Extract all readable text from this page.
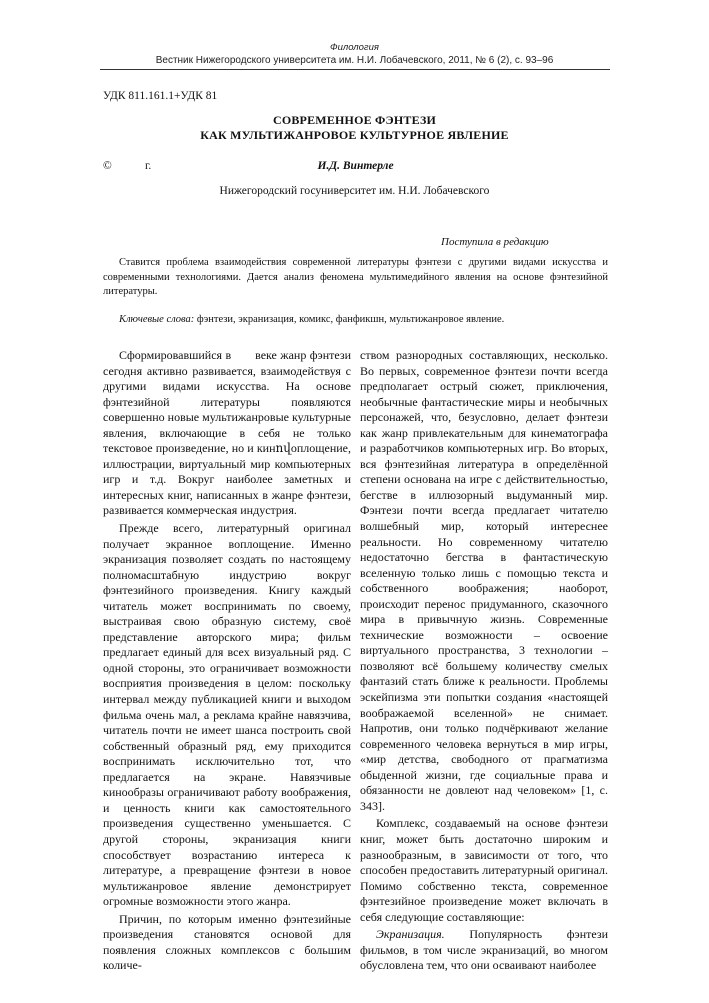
Филология
Вестник Нижегородского университета им. Н.И. Лобачевского, 2011, № 6 (2), с. 93–96
УДК 811.161.1+УДК 81
СОВРЕМЕННОЕ ФЭНТЕЗИ
КАК МУЛЬТИЖАНРОВОЕ КУЛЬТУРНОЕ ЯВЛЕНИЕ
©	г.	И.Д. Винтерле
Нижегородский госуниверситет им. Н.И. Лобачевского
Поступила в редакцию

Ставится проблема взаимодействия современной литературы фэнтези с другими видами искусства и современными технологиями. Дается анализ феномена мультимедийного явления на основе фэнтезийной литературы.

Ключевые слова: фэнтези, экранизация, комикс, фанфикшн, мультижанровое явление.

Сформировавшийся в       веке жанр фэнтези сегодня активно развивается, взаимодействуя с другими видами искусства. На основе фэнтезийной литературы появляются совершенно новые мультижанровые культурные явления, включающие в себя не только текстовое произведение, но и кинովоплощение, иллюстрации, виртуальный мир компьютерных игр и т.д. Вокруг наиболее заметных и интересных книг, написанных в жанре фэнтези, развивается коммерческая индустрия.

Прежде всего, литературный оригинал получает экранное воплощение. Именно экранизация позволяет создать по настоящему полномасштабную индустрию вокруг фэнтезийного произведения. Книгу каждый читатель может воспринимать по своему, выстраивая свою образную систему, своё представление авторского мира; фильм предлагает единый для всех визуальный ряд. С одной стороны, это ограничивает возможности восприятия произведения в целом: поскольку интервал между публикацией книги и выходом фильма очень мал, а реклама крайне навязчива, читатель почти не имеет шанса построить свой собственный образный ряд, ему приходится воспринимать исключительно тот, что предлагается на экране. Навязчивые кинообразы ограничивают работу воображения, и ценность книги как самостоятельного произведения существенно уменьшается. С другой стороны, экранизация книги способствует возрастанию интереса к литературе, а превращение фэнтези в новое мультижанровое явление демонстрирует огромные возможности этого жанра.

Причин, по которым именно фэнтезийные произведения становятся основой для появления сложных комплексов с большим количе-

ством разнородных составляющих, несколько. Во первых, современное фэнтези почти всегда предполагает острый сюжет, приключения, необычные фантастические миры и необычных персонажей, что, безусловно, делает фэнтези как жанр привлекательным для кинематографа и разработчиков компьютерных игр. Во вторых, вся фэнтезийная литература в определённой степени основана на игре с действительностью, бегстве в иллюзорный выдуманный мир. Фэнтези почти всегда предлагает читателю волшебный мир, который интереснее реальности. Но современному читателю недостаточно бегства в фантастическую вселенную только лишь с помощью текста и собственного воображения; наоборот, происходит перенос придуманного, сказочного мира в привычную жизнь. Современные технические возможности – освоение виртуального пространства, 3 технологии – позволяют всё большему количеству смелых фантазий стать ближе к реальности. Проблемы эскейпизма эти попытки создания «настоящей воображаемой вселенной» не снимает. Напротив, они только подчёркивают желание современного человека вернуться в мир игры, «мир детства, свободного от прагматизма обыденной жизни, где социальные права и обязанности не довлеют над человеком» [1, с. 343].

Комплекс, создаваемый на основе фэнтези книг, может быть достаточно широким и разнообразным, в зависимости от того, что способен предоставить литературный оригинал. Помимо собственно текста, современное фэнтезийное произведение может включать в себя следующие составляющие:

Экранизация. Популярность фэнтези фильмов, в том числе экранизаций, во многом обусловлена тем, что они осваивают наиболее
